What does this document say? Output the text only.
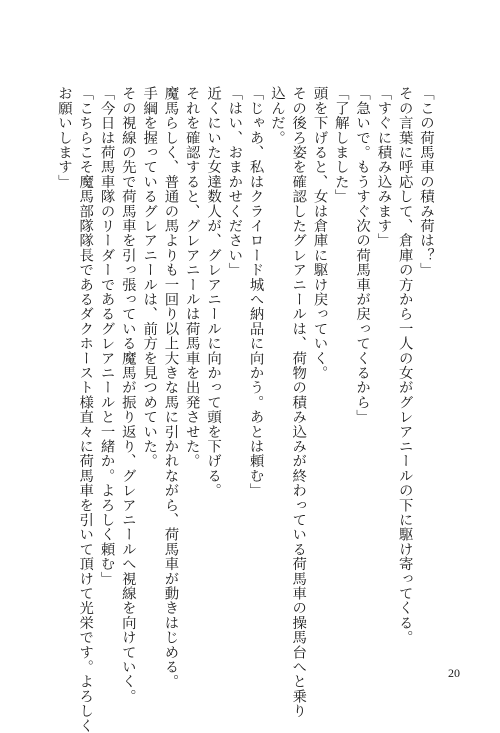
「この荷馬車の積み荷は？」
その言葉に呼応して、倉庫の方から一人の女がグレアニールの下に駆け寄ってくる。
「すぐに積み込みます」
「急いで。もうすぐ次の荷馬車が戻ってくるから」
「了解しました」
頭を下げると、女は倉庫に駆け戻っていく。
その後ろ姿を確認したグレアニールは、荷物の積み込みが終わっている荷馬車の操馬台へと乗り
込んだ。
「じゃあ、私はクライロード城へ納品に向かう。あとは頼む」
「はい、おまかせください」
近くにいた女達数人が、グレアニールに向かって頭を下げる。
それを確認すると、グレアニールは荷馬車を出発させた。
魔馬らしく、普通の馬よりも一回り以上大きな馬に引かれながら、荷馬車が動きはじめる。
手綱を握っているグレアニールは、前方を見つめていた。
その視線の先で荷馬車を引っ張っている魔馬が振り返り、グレアニールへ視線を向けていく。
「今日は荷馬車隊のリーダーであるグレアニールと一緒か。よろしく頼む」
「こちらこそ魔馬部隊隊長であるダクホースト様直々に荷馬車を引いて頂けて光栄です。よろしく
お願いします」
20
